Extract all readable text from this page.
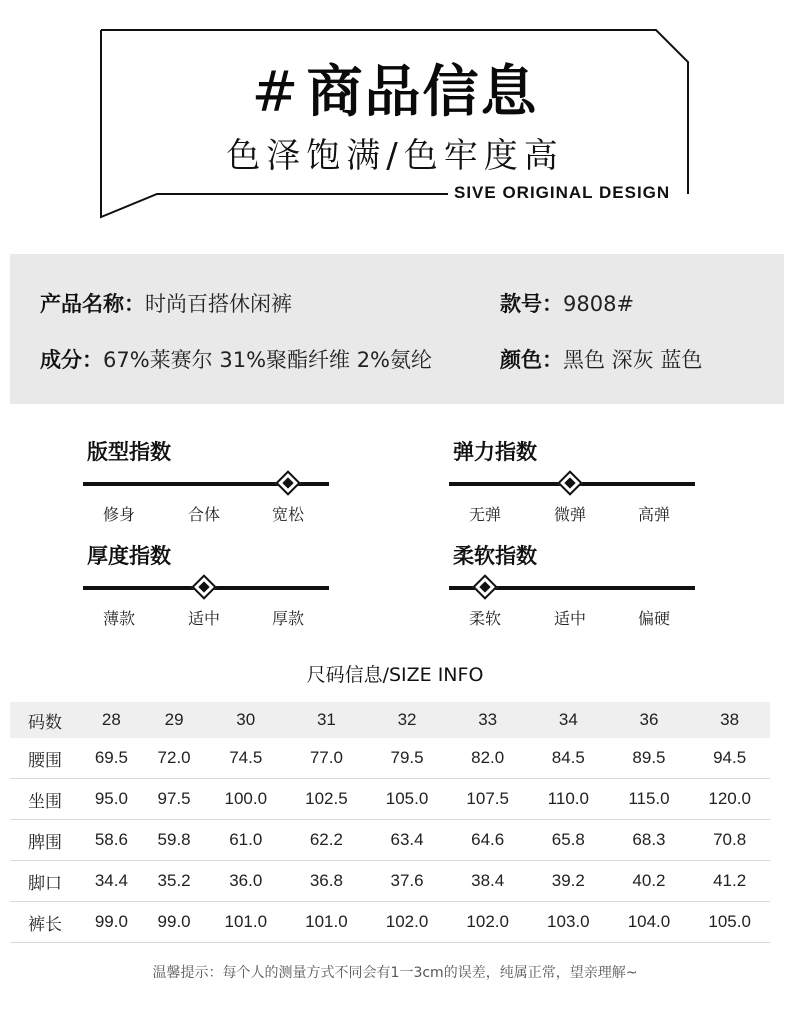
# 商品信息
色泽饱满/色牢度高
SIVE ORIGINAL DESIGN
产品名称：时尚百搭休闲裤	款号：9808#
成分：67%莱赛尔 31%聚酯纤维 2%氨纶	颜色：黑色 深灰 蓝色
版型指数
修身	合体	宽松
弹力指数
无弹	微弹	高弹
厚度指数
薄款	适中	厚款
柔软指数
柔软	适中	偏硬
尺码信息/SIZE INFO
码数	28	29	30	31	32	33	34	36	38
腰围	69.5	72.0	74.5	77.0	79.5	82.0	84.5	89.5	94.5
坐围	95.0	97.5	100.0	102.5	105.0	107.5	110.0	115.0	120.0
脾围	58.6	59.8	61.0	62.2	63.4	64.6	65.8	68.3	70.8
脚口	34.4	35.2	36.0	36.8	37.6	38.4	39.2	40.2	41.2
裤长	99.0	99.0	101.0	101.0	102.0	102.0	103.0	104.0	105.0
温馨提示：每个人的测量方式不同会有1一3cm的误差，纯属正常，望亲理解~
